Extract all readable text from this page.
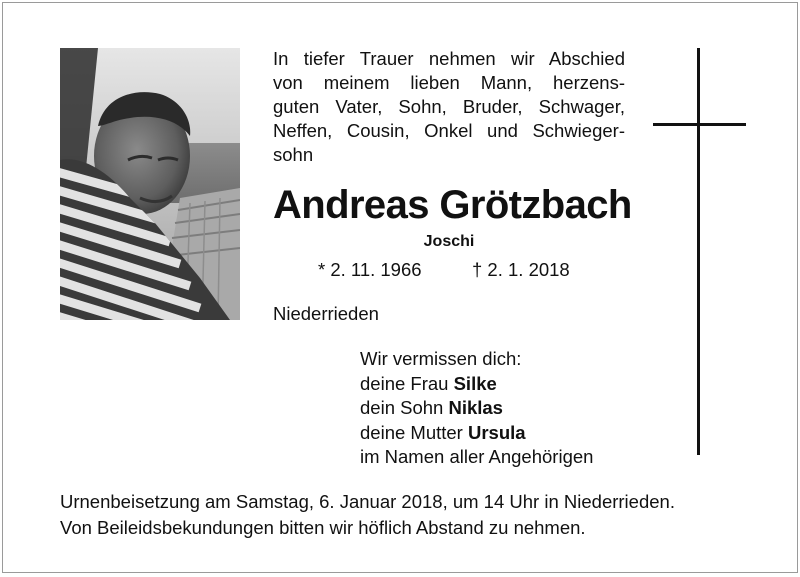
In tiefer Trauer nehmen wir Abschied
von meinem lieben Mann, herzens-
guten Vater, Sohn, Bruder, Schwager,
Neffen, Cousin, Onkel und Schwieger-
sohn

Andreas Grötzbach
Joschi
* 2. 11. 1966	† 2. 1. 2018
Niederrieden
Wir vermissen dich:
deine Frau Silke
dein Sohn Niklas
deine Mutter Ursula
im Namen aller Angehörigen
Urnenbeisetzung am Samstag, 6. Januar 2018, um 14 Uhr in Niederrieden.
Von Beileidsbekundungen bitten wir höflich Abstand zu nehmen.
